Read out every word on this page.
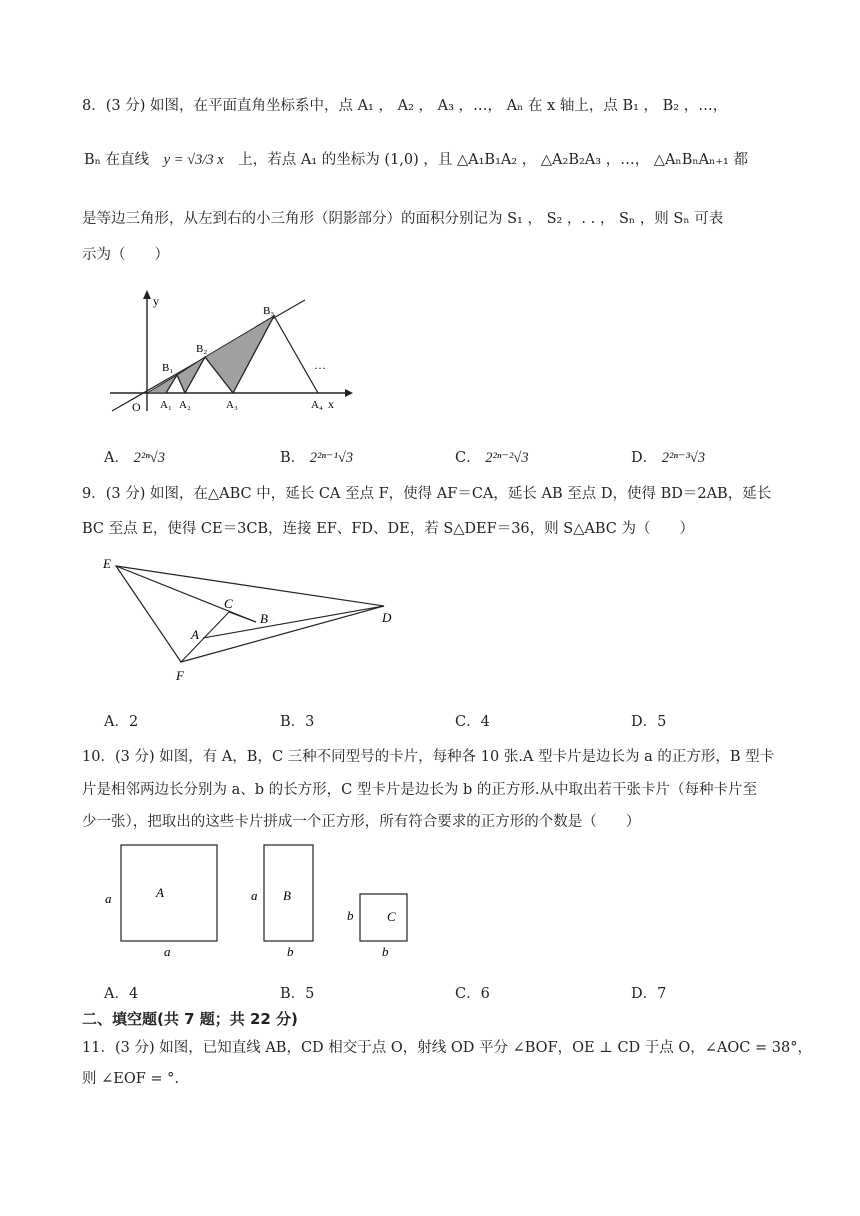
8．(3 分) 如图，在平面直角坐标系中，点 A₁ ， A₂ ， A₃ ，…， Aₙ 在 x 轴上，点 B₁ ， B₂ ，…，
Bₙ 在直线 y = √3/3 x 上，若点 A₁ 的坐标为 (1,0) ，且 △A₁B₁A₂ ， △A₂B₂A₃ ，…， △AₙBₙAₙ₊₁ 都
是等边三角形，从左到右的小三角形（阴影部分）的面积分别记为 S₁ ， S₂ ，. . ， Sₙ ，则 Sₙ 可表
示为（　　）
y
B₁
B₂
B₃
…
O A₁ A₂	A₃	A₄ x
A． 2²ⁿ√3	B． 2²ⁿ⁻¹√3	C． 2²ⁿ⁻²√3	D． 2²ⁿ⁻³√3
9．(3 分) 如图，在△ABC 中，延长 CA 至点 F，使得 AF＝CA，延长 AB 至点 D，使得 BD＝2AB，延长
BC 至点 E，使得 CE＝3CB，连接 EF、FD、DE，若 S△DEF＝36，则 S△ABC 为（　　）
E
C
B
A
D
F
A．2	B．3	C．4	D．5
10．(3 分) 如图，有 A，B，C 三种不同型号的卡片，每种各 10 张.A 型卡片是边长为 a 的正方形，B 型卡
片是相邻两边长分别为 a、b 的长方形，C 型卡片是边长为 b 的正方形.从中取出若干张卡片（每种卡片至
少一张），把取出的这些卡片拼成一个正方形，所有符合要求的正方形的个数是（　　）
A
a
a
B
a
b
C
b
b
A．4	B．5	C．6	D．7
二、填空题(共 7 题；共 22 分)
11．(3 分) 如图，已知直线 AB，CD 相交于点 O，射线 OD 平分 ∠BOF，OE ⊥ CD 于点 O，∠AOC = 38°，
则 ∠EOF = °.
